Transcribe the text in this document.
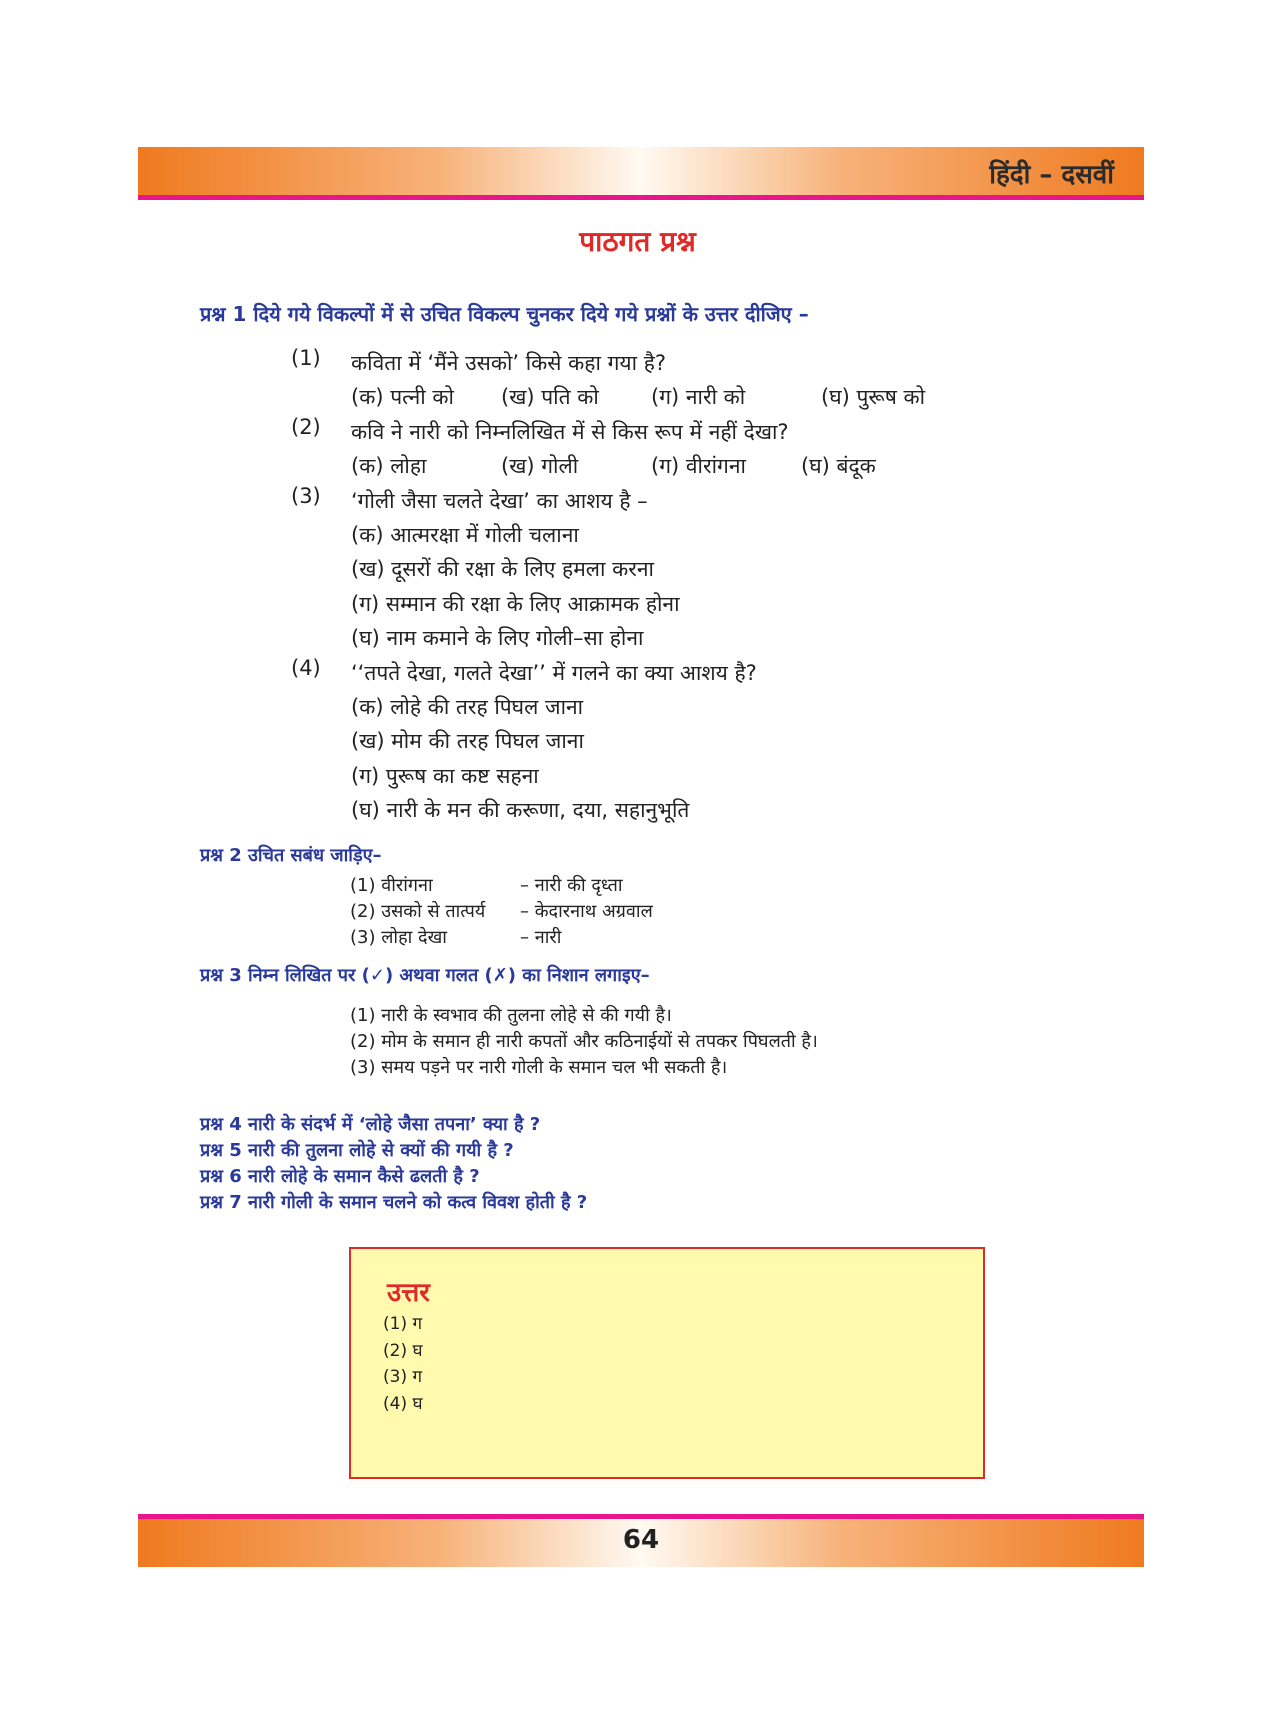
हिंदी – दसवीं
पाठगत प्रश्न
प्रश्न 1 दिये गये विकल्पों में से उचित विकल्प चुनकर दिये गये प्रश्नों के उत्तर दीजिए –
(1)	कविता में ‘मैंने उसको’ किसे कहा गया है?
(क) पत्नी को	(ख) पति को	(ग) नारी को	(घ) पुरूष को
(2)	कवि ने नारी को निम्नलिखित में से किस रूप में नहीं देखा?
(क) लोहा	(ख) गोली	(ग) वीरांगना	(घ) बंदूक
(3)	‘गोली जैसा चलते देखा’ का आशय है –
(क) आत्मरक्षा में गोली चलाना
(ख) दूसरों की रक्षा के लिए हमला करना
(ग) सम्मान की रक्षा के लिए आक्रामक होना
(घ) नाम कमाने के लिए गोली–सा होना
(4)	‘‘तपते देखा, गलते देखा’’ में गलने का क्या आशय है?
(क) लोहे की तरह पिघल जाना
(ख) मोम की तरह पिघल जाना
(ग) पुरूष का कष्ट सहना
(घ) नारी के मन की करूणा, दया, सहानुभूति
प्रश्न 2 उचित सबंध जाड़िए–
(1) वीरांगना	– नारी की दृध्ता
(2) उसको से तात्पर्य	– केदारनाथ अग्रवाल
(3) लोहा देखा	– नारी
प्रश्न 3 निम्न लिखित पर (✓) अथवा गलत (✗) का निशान लगाइए–
(1) नारी के स्वभाव की तुलना लोहे से की गयी है।
(2) मोम के समान ही नारी कपतों और कठिनाईयों से तपकर पिघलती है।
(3) समय पड़ने पर नारी गोली के समान चल भी सकती है।
प्रश्न 4 नारी के संदर्भ में ‘लोहे जैसा तपना’ क्या है ?
प्रश्न 5 नारी की तुलना लोहे से क्यों की गयी है ?
प्रश्न 6 नारी लोहे के समान कैसे ढलती है ?
प्रश्न 7 नारी गोली के समान चलने को कत्व विवश होती है ?
उत्तर
(1) ग
(2) घ
(3) ग
(4) घ
64
